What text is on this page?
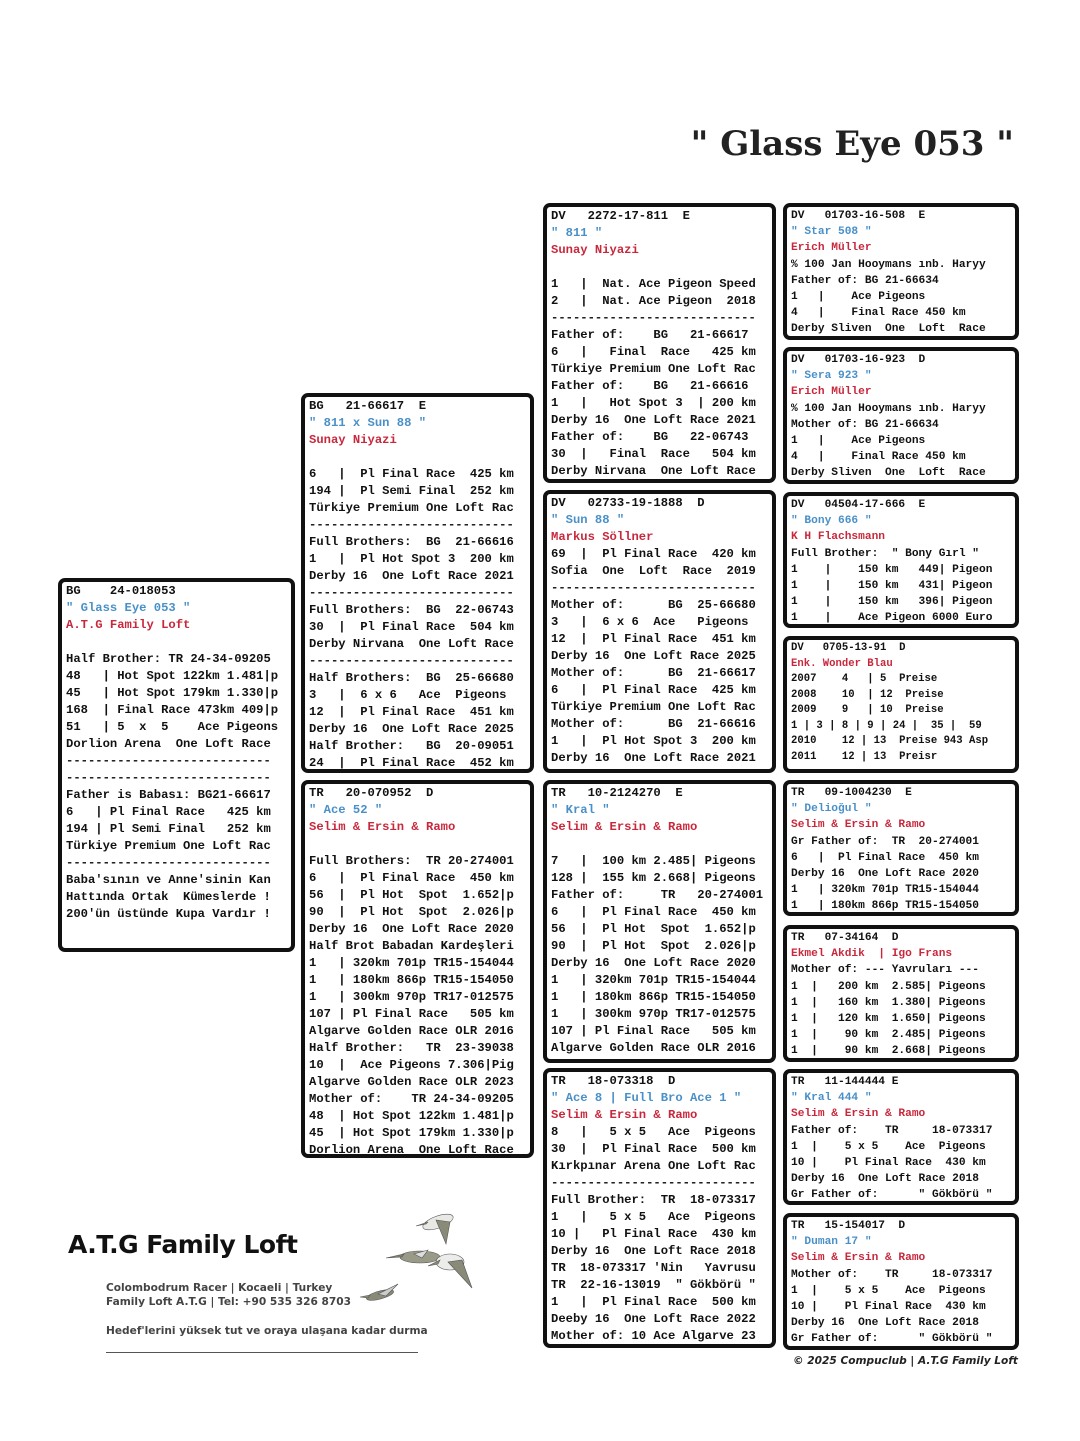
" Glass Eye 053 "
BG    24-018053
" Glass Eye 053 "
A.T.G Family Loft
Half Brother: TR 24-34-09205
48   | Hot Spot 122km 1.481|p
45   | Hot Spot 179km 1.330|p
168  | Final Race 473km 409|p
51   | 5  x  5    Ace Pigeons
Dorlion Arena  One Loft Race
----------------------------
----------------------------
Father is Babası: BG21-66617
6   | Pl Final Race   425 km
194 | Pl Semi Final   252 km
Türkiye Premium One Loft Rac
----------------------------
Baba'sının ve Anne'sinin Kan
Hattında Ortak  Kümeslerde !
200'ün üstünde Kupa Vardır !
BG   21-66617  E
" 811 x Sun 88 "
Sunay Niyazi
6   |  Pl Final Race  425 km
194 |  Pl Semi Final  252 km
Türkiye Premium One Loft Rac
----------------------------
Full Brothers:  BG  21-66616
1   |  Pl Hot Spot 3  200 km
Derby 16  One Loft Race 2021
----------------------------
Full Brothers:  BG  22-06743
30  |  Pl Final Race  504 km
Derby Nirvana  One Loft Race
----------------------------
Half Brothers:  BG  25-66680
3   |  6 x 6   Ace  Pigeons
12  |  Pl Final Race  451 km
Derby 16  One Loft Race 2025
Half Brother:   BG  20-09051
24  |  Pl Final Race  452 km
TR   20-070952  D
" Ace 52 "
Selim & Ersin & Ramo
Full Brothers:  TR 20-274001
6   |  Pl Final Race  450 km
56  |  Pl Hot  Spot  1.652|p
90  |  Pl Hot  Spot  2.026|p
Derby 16  One Loft Race 2020
Half Brot Babadan Kardeşleri
1   | 320km 701p TR15-154044
1   | 180km 866p TR15-154050
1   | 300km 970p TR17-012575
107 | Pl Final Race   505 km
Algarve Golden Race OLR 2016
Half Brother:   TR  23-39038
10  |  Ace Pigeons 7.306|Pig
Algarve Golden Race OLR 2023
Mother of:    TR 24-34-09205
48  | Hot Spot 122km 1.481|p
45  | Hot Spot 179km 1.330|p
Dorlion Arena  One Loft Race
DV   2272-17-811  E
" 811 "
Sunay Niyazi
1   |  Nat. Ace Pigeon Speed
2   |  Nat. Ace Pigeon  2018
----------------------------
Father of:    BG   21-66617
6   |   Final  Race   425 km
Türkiye Premium One Loft Rac
Father of:    BG   21-66616
1   |   Hot Spot 3  | 200 km
Derby 16  One Loft Race 2021
Father of:    BG   22-06743
30  |   Final  Race   504 km
Derby Nirvana  One Loft Race
DV   02733-19-1888  D
" Sun 88 "
Markus Söllner
69  |  Pl Final Race  420 km
Sofia  One  Loft  Race  2019
----------------------------
Mother of:      BG  25-66680
3   |  6 x 6  Ace   Pigeons
12  |  Pl Final Race  451 km
Derby 16  One Loft Race 2025
Mother of:      BG  21-66617
6   |  Pl Final Race  425 km
Türkiye Premium One Loft Rac
Mother of:      BG  21-66616
1   |  Pl Hot Spot 3  200 km
Derby 16  One Loft Race 2021
TR   10-2124270  E
" Kral "
Selim & Ersin & Ramo
7   |  100 km 2.485| Pigeons
128 |  155 km 2.668| Pigeons
Father of:     TR   20-274001
6   |  Pl Final Race  450 km
56  |  Pl Hot  Spot  1.652|p
90  |  Pl Hot  Spot  2.026|p
Derby 16  One Loft Race 2020
1   | 320km 701p TR15-154044
1   | 180km 866p TR15-154050
1   | 300km 970p TR17-012575
107 | Pl Final Race   505 km
Algarve Golden Race OLR 2016
TR   18-073318  D
" Ace 8 | Full Bro Ace 1 "
Selim & Ersin & Ramo
8   |   5 x 5   Ace  Pigeons
30  |  Pl Final Race  500 km
Kırkpınar Arena One Loft Rac
----------------------------
Full Brother:  TR  18-073317
1   |   5 x 5   Ace  Pigeons
10 |   Pl Final Race  430 km
Derby 16  One Loft Race 2018
TR  18-073317 'Nin   Yavrusu
TR  22-16-13019  " Gökbörü "
1   |  Pl Final Race  500 km
Deeby 16  One Loft Race 2022
Mother of: 10 Ace Algarve 23
DV   01703-16-508  E
" Star 508 "
Erich Müller
% 100 Jan Hooymans ınb. Haryy
Father of: BG 21-66634
1   |    Ace Pigeons
4   |    Final Race 450 km
Derby Sliven  One  Loft  Race
DV   01703-16-923  D
" Sera 923 "
Erich Müller
% 100 Jan Hooymans ınb. Haryy
Mother of: BG 21-66634
1   |    Ace Pigeons
4   |    Final Race 450 km
Derby Sliven  One  Loft  Race
DV   04504-17-666  E
" Bony 666 "
K H Flachsmann
Full Brother:  " Bony Gırl "
1    |    150 km   449| Pigeon
1    |    150 km   431| Pigeon
1    |    150 km   396| Pigeon
1    |    Ace Pigeon 6000 Euro
DV   0705-13-91  D
Enk. Wonder Blau
2007    4   | 5  Preise
2008    10  | 12  Preise
2009    9   | 10  Preise
1 | 3 | 8 | 9 | 24 |  35 |  59
2010    12 | 13  Preise 943 Asp
2011    12 | 13  Preisr
TR   09-1004230  E
" Delioğul "
Selim & Ersin & Ramo
Gr Father of:  TR  20-274001
6   |  Pl Final Race  450 km
Derby 16  One Loft Race 2020
1   | 320km 701p TR15-154044
1   | 180km 866p TR15-154050
TR   07-34164  D
Ekmel Akdik  | Igo Frans
Mother of: --- Yavruları ---
1  |   200 km  2.585| Pigeons
1  |   160 km  1.380| Pigeons
1  |   120 km  1.650| Pigeons
1  |    90 km  2.485| Pigeons
1  |    90 km  2.668| Pigeons
TR   11-144444 E
" Kral 444 "
Selim & Ersin & Ramo
Father of:    TR     18-073317
1  |    5 x 5    Ace  Pigeons
10 |    Pl Final Race  430 km
Derby 16  One Loft Race 2018
Gr Father of:      " Gökbörü "
TR   15-154017  D
" Duman 17 "
Selim & Ersin & Ramo
Mother of:    TR     18-073317
1  |    5 x 5    Ace  Pigeons
10 |    Pl Final Race  430 km
Derby 16  One Loft Race 2018
Gr Father of:      " Gökbörü "
A.T.G Family Loft
Colombodrum Racer | Kocaeli | Turkey
Family Loft A.T.G | Tel: +90 535 326 8703
Hedef'lerini yüksek tut ve oraya ulaşana kadar durma
© 2025 Compuclub | A.T.G Family Loft
